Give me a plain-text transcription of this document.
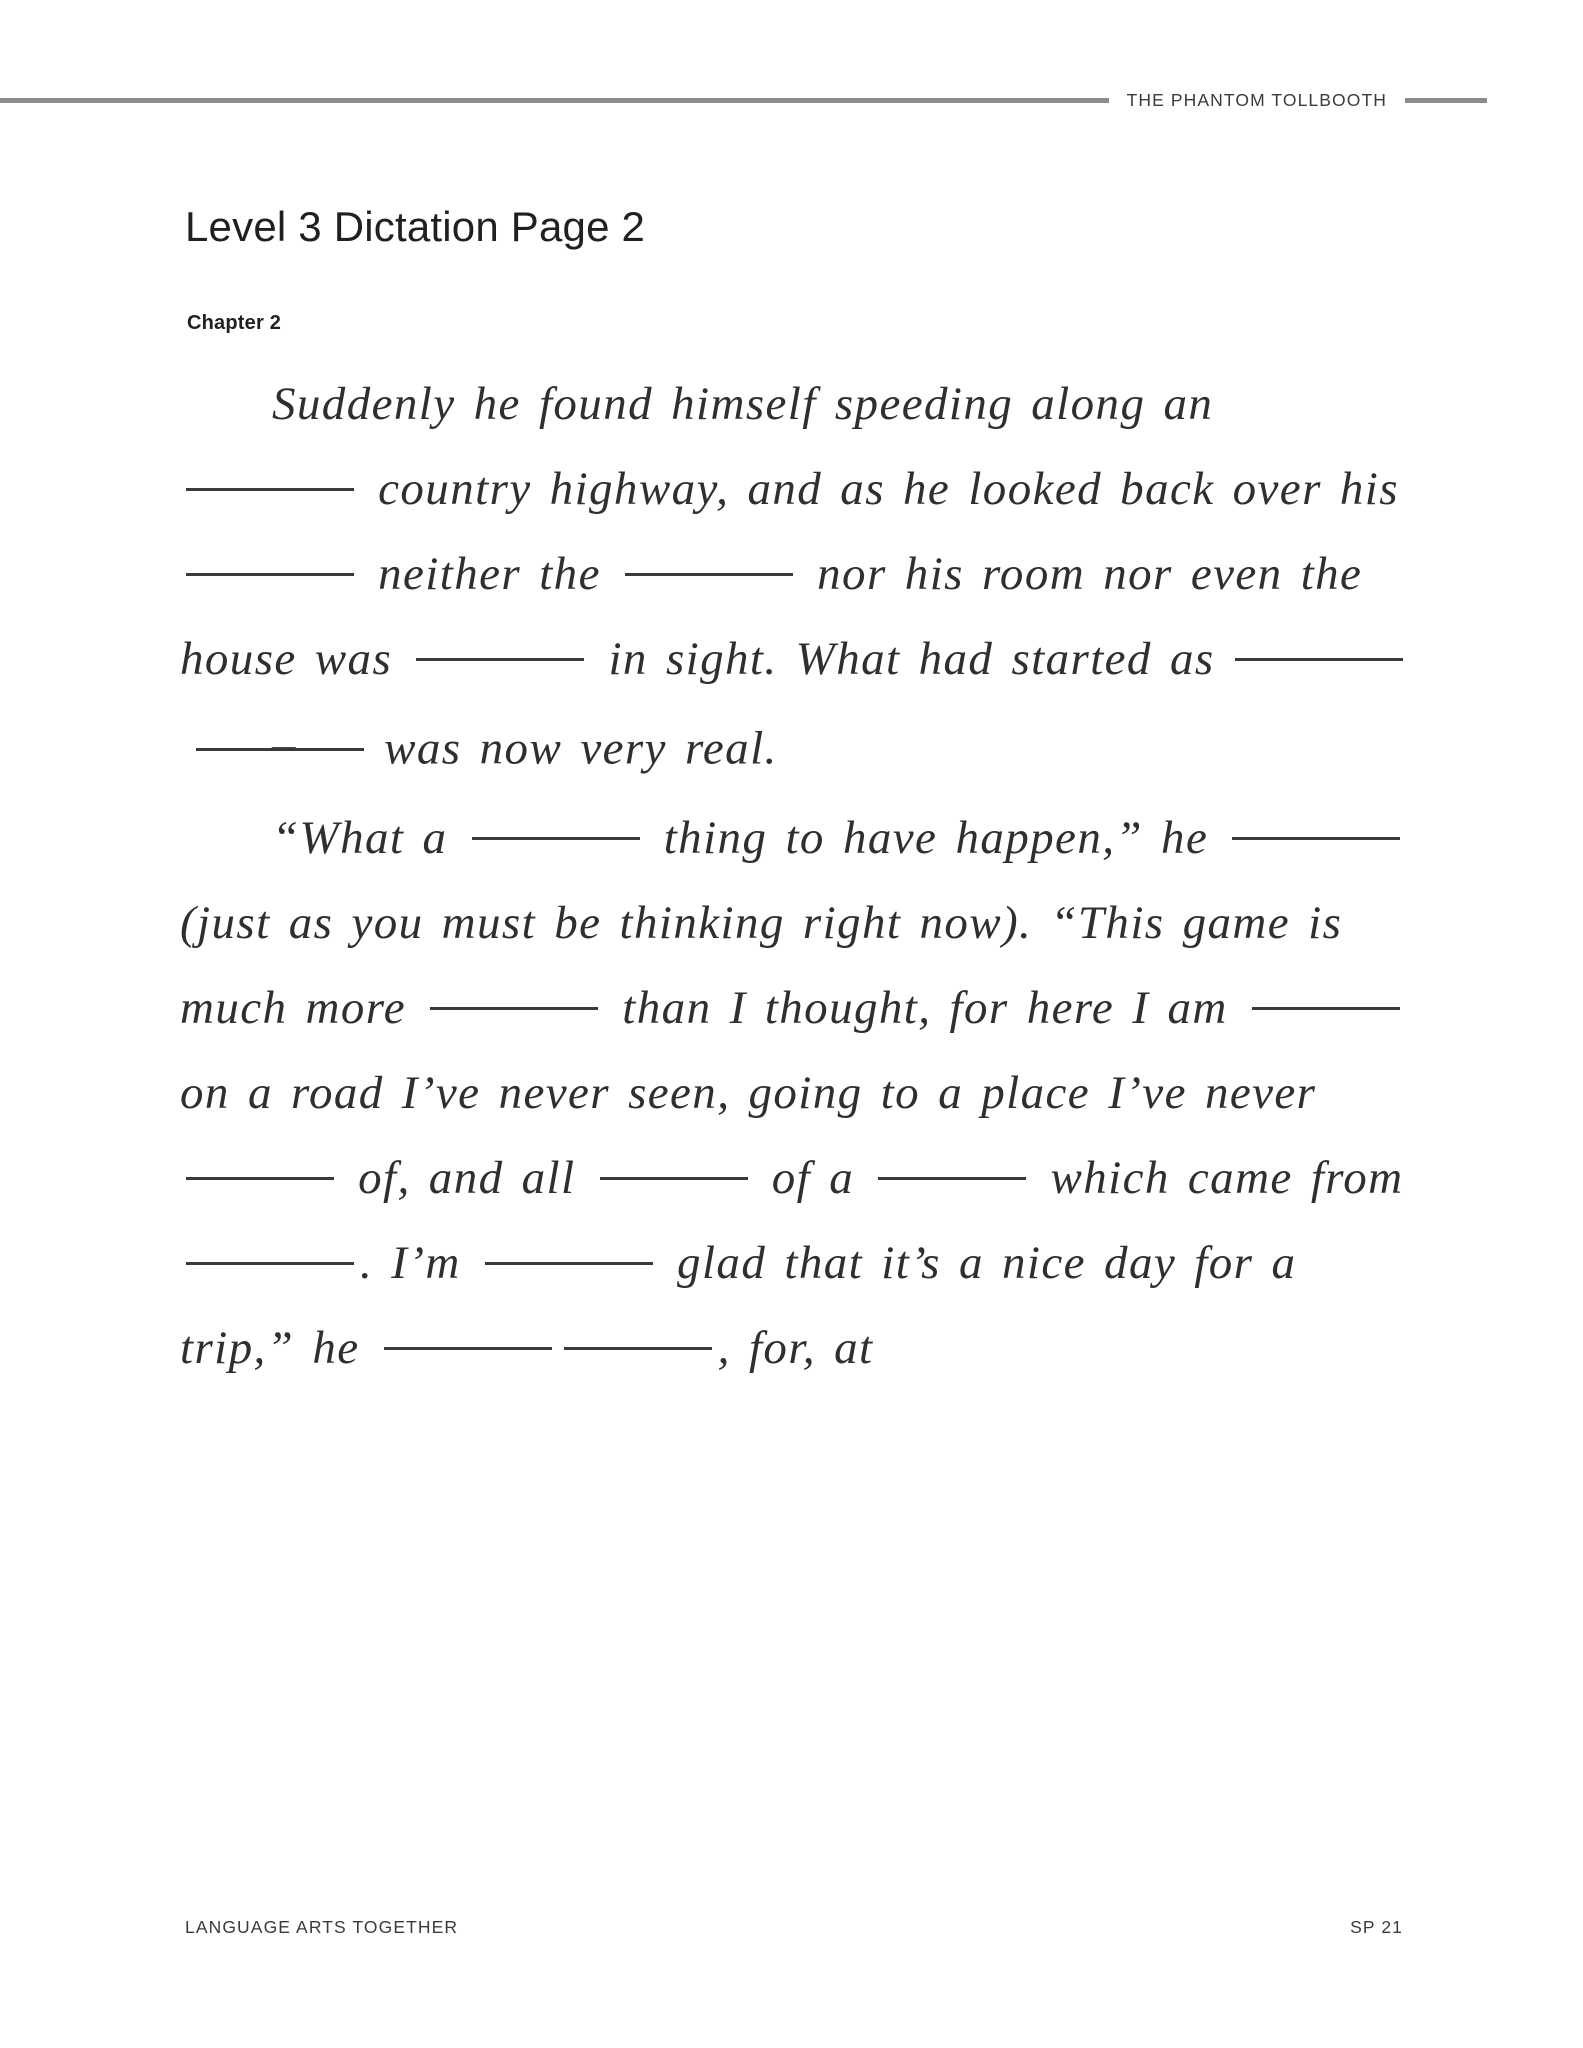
THE PHANTOM TOLLBOOTH
Level 3 Dictation Page 2
Chapter 2

Suddenly he found himself speeding along an  country highway, and as he looked back over his  neither the	nor his room nor even the house was	in sight. What had started as – was now very real.

“What a	thing to have happen,” he  (just as you must be thinking right now). “This game is much more	than I thought, for here I am  on a road I’ve never seen, going to a place I’ve never  of, and all	of a	which came from . I’m	glad that it’s a nice day for a trip,” he	, for, at

LANGUAGE ARTS TOGETHER	SP 21
